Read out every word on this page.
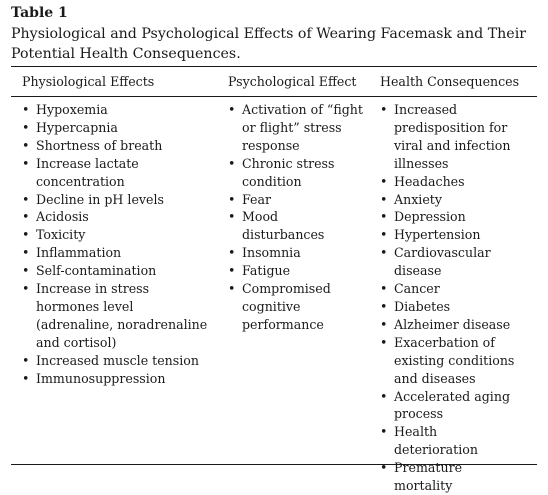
Table 1
Physiological and Psychological Effects of Wearing Facemask and Their Potential Health Consequences.
Physiological Effects	Psychological Effect Health Consequences
• Hypoxemia
• Hypercapnia
• Shortness of breath
• Increase lactate concentration
• Decline in pH levels
• Acidosis
• Toxicity
• Inflammation
• Self-contamination
• Increase in stress hormones level (adrenaline, noradrenaline and cortisol)
• Increased muscle tension
• Immunosuppression
• Activation of “fight or flight” stress response
• Chronic stress condition
• Fear
• Mood disturbances
• Insomnia
• Fatigue
• Compromised cognitive performance
• Increased predisposition for viral and infection illnesses
• Headaches
• Anxiety
• Depression
• Hypertension
• Cardiovascular disease
• Cancer
• Diabetes
• Alzheimer disease
• Exacerbation of existing conditions and diseases
• Accelerated aging process
• Health deterioration
• Premature mortality
